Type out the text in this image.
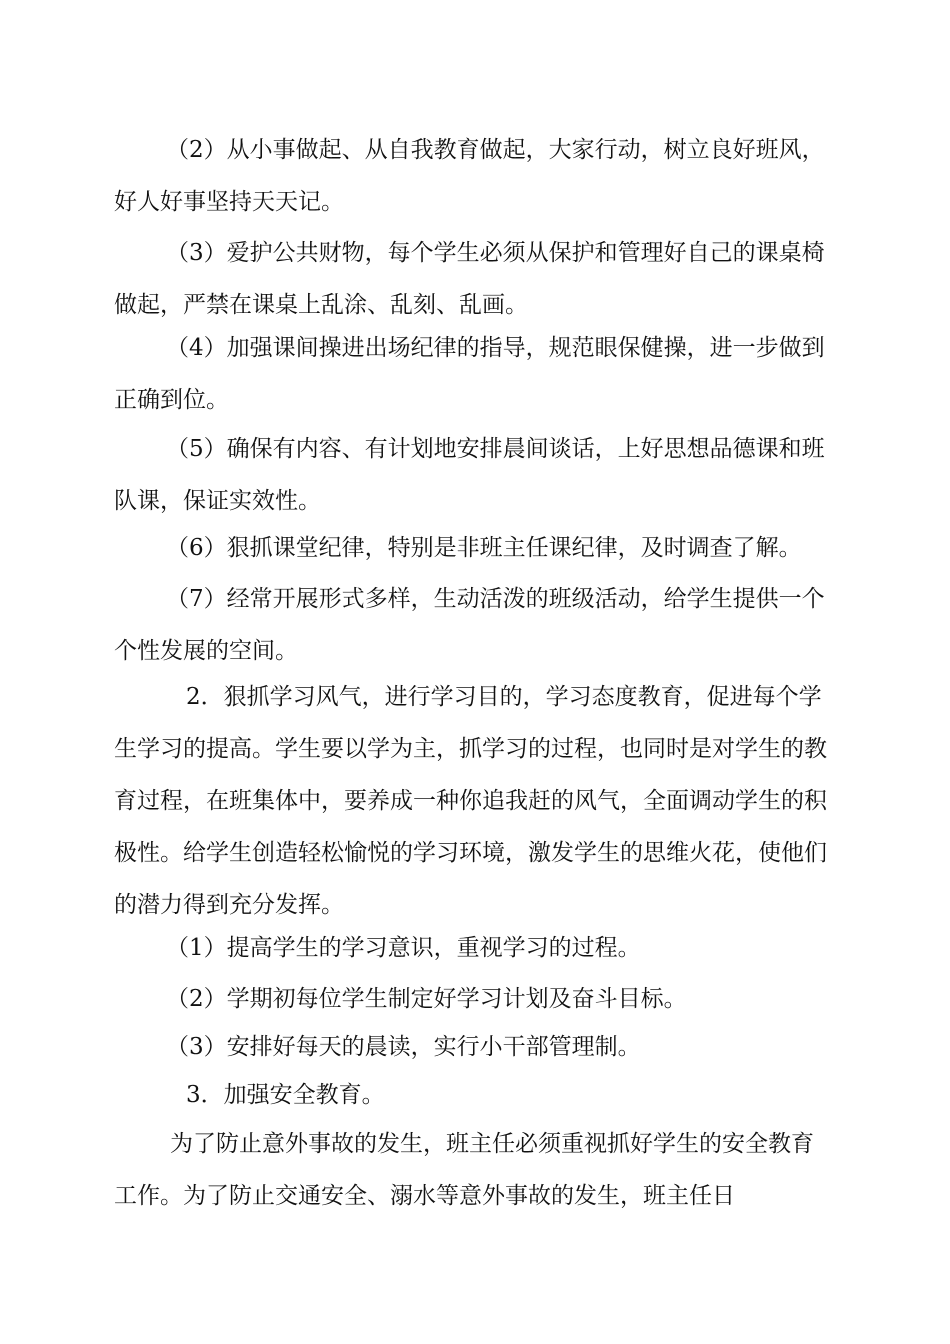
（2）从小事做起、从自我教育做起，大家行动，树立良好班风，好人好事坚持天天记。

（3）爱护公共财物，每个学生必须从保护和管理好自己的课桌椅做起，严禁在课桌上乱涂、乱刻、乱画。

（4）加强课间操进出场纪律的指导，规范眼保健操，进一步做到正确到位。

（5）确保有内容、有计划地安排晨间谈话，上好思想品德课和班队课，保证实效性。

（6）狠抓课堂纪律，特别是非班主任课纪律，及时调查了解。

（7）经常开展形式多样，生动活泼的班级活动，给学生提供一个个性发展的空间。

2．狠抓学习风气，进行学习目的，学习态度教育，促进每个学生学习的提高。学生要以学为主，抓学习的过程，也同时是对学生的教育过程，在班集体中，要养成一种你追我赶的风气，全面调动学生的积极性。给学生创造轻松愉悦的学习环境，激发学生的思维火花，使他们的潜力得到充分发挥。

（1）提高学生的学习意识，重视学习的过程。

（2）学期初每位学生制定好学习计划及奋斗目标。

（3）安排好每天的晨读，实行小干部管理制。

3．加强安全教育。

为了防止意外事故的发生，班主任必须重视抓好学生的安全教育工作。为了防止交通安全、溺水等意外事故的发生，班主任日
